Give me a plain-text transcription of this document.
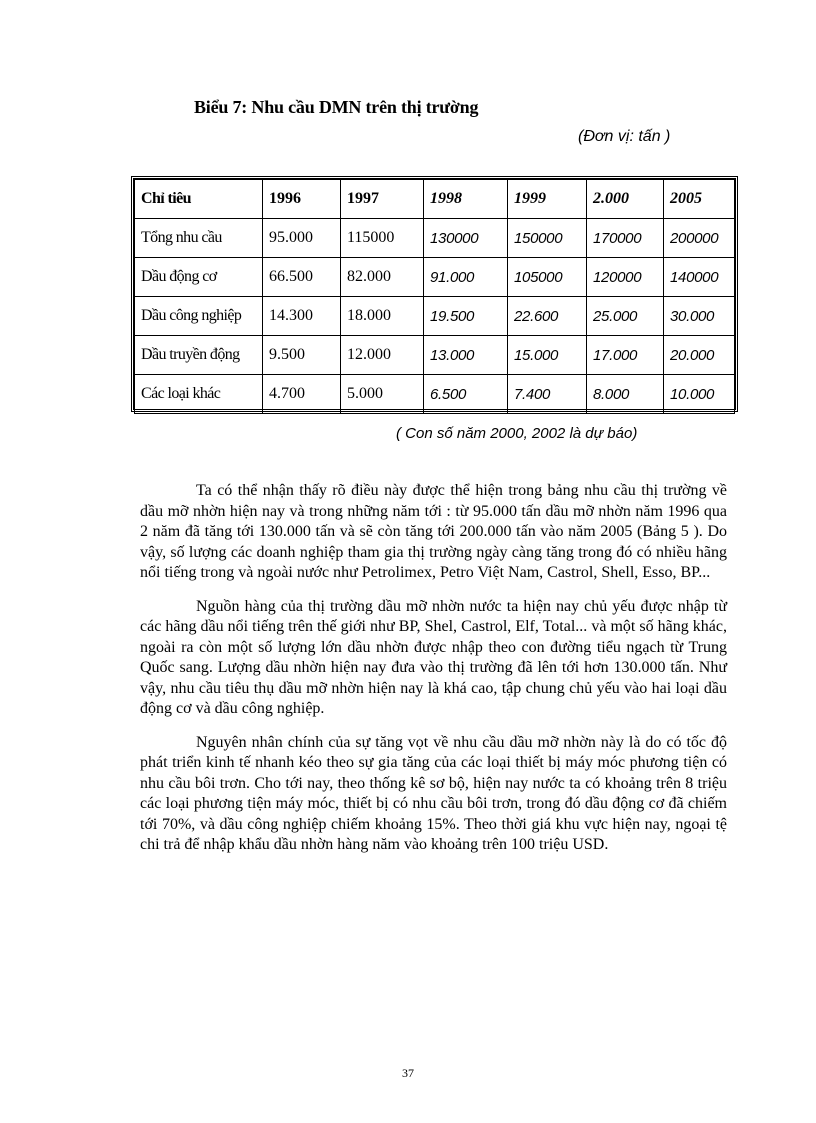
Biểu 7: Nhu cầu DMN trên thị trường
(Đơn vị: tấn )
Chỉ tiêu	1996	1997	1998	1999	2.000	2005
Tổng nhu cầu	95.000	115000	130000	150000	170000	200000
Dầu động cơ	66.500	82.000	91.000	105000	120000	140000
Dầu công nghiệp	14.300	18.000	19.500	22.600	25.000	30.000
Dầu truyền động	9.500	12.000	13.000	15.000	17.000	20.000
Các loại khác	4.700	5.000	6.500	7.400	8.000	10.000
( Con số năm 2000, 2002 là dự báo)

Ta có thể nhận thấy rõ điều này được thể hiện trong bảng nhu cầu thị trường về dầu mỡ nhờn hiện nay và trong những năm tới : từ 95.000 tấn dầu mỡ nhờn năm 1996 qua 2 năm đã tăng tới 130.000 tấn và sẽ còn tăng tới 200.000 tấn vào năm 2005 (Bảng 5 ). Do vậy, số lượng các doanh nghiệp tham gia thị trường ngày càng tăng trong đó có nhiều hãng nổi tiếng trong và ngoài nước như Petrolimex, Petro Việt Nam, Castrol, Shell, Esso, BP...

Nguồn hàng của thị trường dầu mỡ nhờn nước ta hiện nay chủ yếu được nhập từ các hãng dầu nổi tiếng trên thế giới như BP, Shel, Castrol, Elf, Total... và một số hãng khác, ngoài ra còn một số lượng lớn dầu nhờn được nhập theo con đường tiểu ngạch từ Trung Quốc sang. Lượng dầu nhờn hiện nay đưa vào thị trường đã lên tới hơn 130.000 tấn. Như vậy, nhu cầu tiêu thụ dầu mỡ nhờn hiện nay là khá cao, tập chung chủ yếu vào hai loại dầu động cơ và dầu công nghiệp.

Nguyên nhân chính của sự tăng vọt về nhu cầu dầu mỡ nhờn này là do có tốc độ phát triển kinh tế nhanh kéo theo sự gia tăng của các loại thiết bị máy móc phương tiện có nhu cầu bôi trơn. Cho tới nay, theo thống kê sơ bộ, hiện nay nước ta có khoảng trên 8 triệu các loại phương tiện máy móc, thiết bị có nhu cầu bôi trơn, trong đó dầu động cơ đã chiếm tới 70%, và dầu công nghiệp chiếm khoảng 15%. Theo thời giá khu vực hiện nay, ngoại tệ chi trả để nhập khẩu dầu nhờn hàng năm vào khoảng trên 100 triệu USD.

37
